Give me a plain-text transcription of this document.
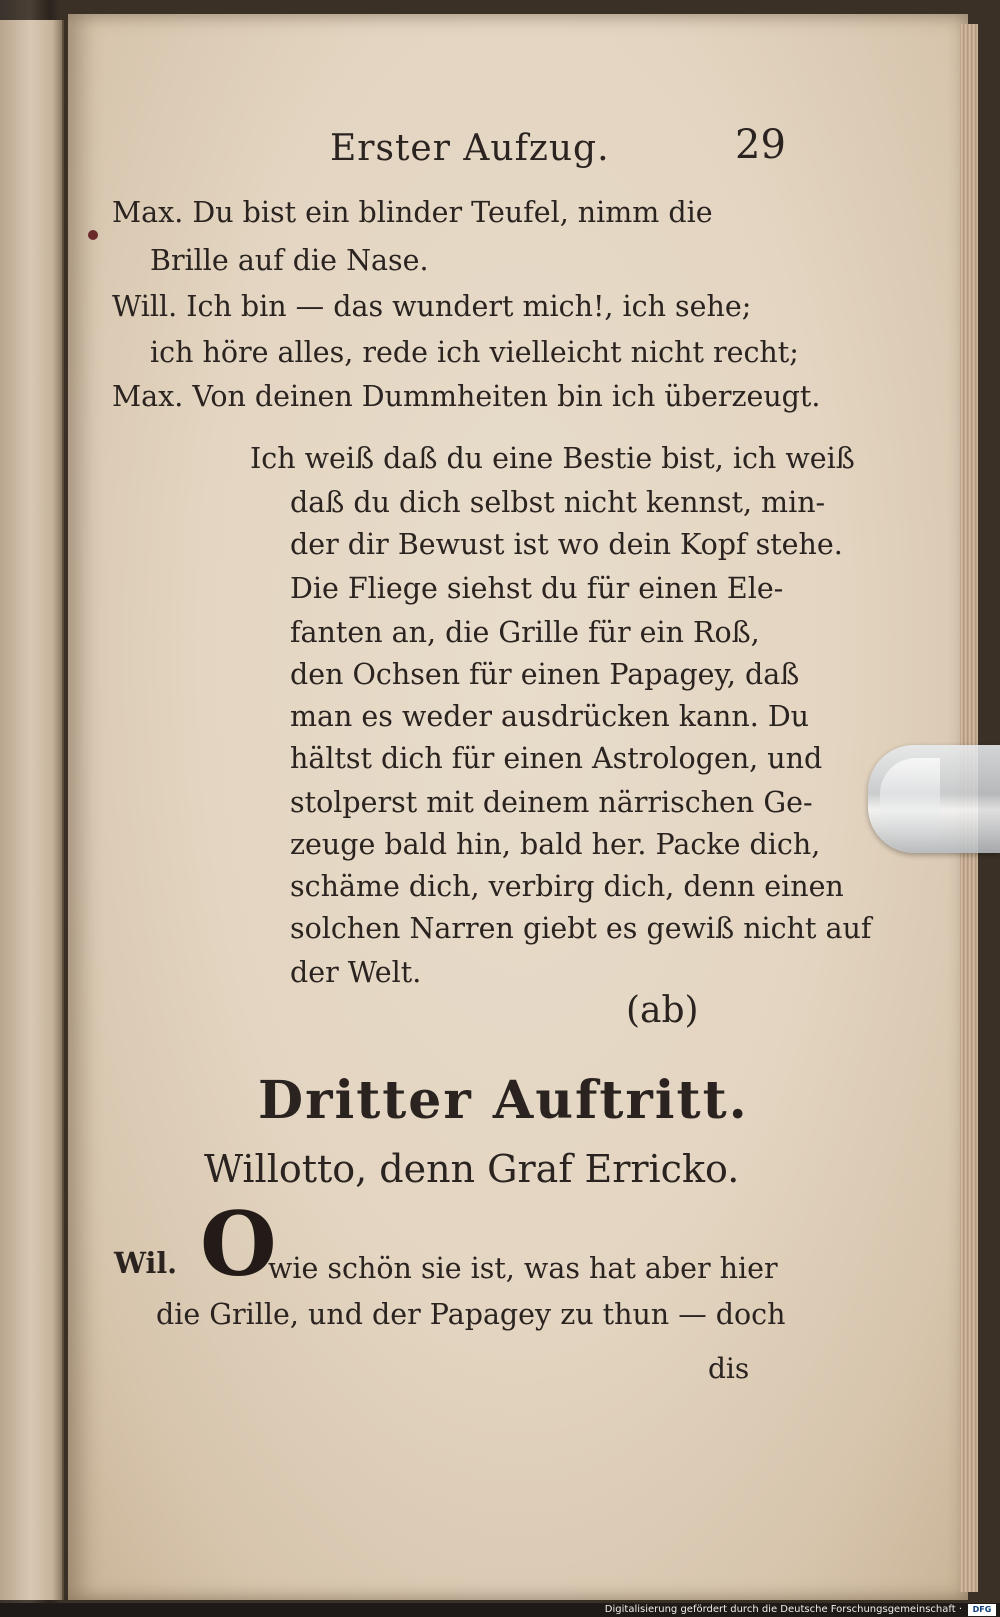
Erster Aufzug.	29
Max. Du bist ein blinder Teufel, nimm die
Brille auf die Nase.
Will. Ich bin — das wundert mich!, ich sehe;
ich höre alles, rede ich vielleicht nicht recht;
Max. Von deinen Dummheiten bin ich überzeugt.
Ich weiß daß du eine Bestie bist, ich weiß
daß du dich selbst nicht kennst, min-
der dir Bewust ist wo dein Kopf stehe.
Die Fliege siehst du für einen Ele-
fanten an, die Grille für ein Roß,
den Ochsen für einen Papagey, daß
man es weder ausdrücken kann. Du
hältst dich für einen Astrologen, und
stolperst mit deinem närrischen Ge-
zeuge bald hin, bald her. Packe dich,
schäme dich, verbirg dich, denn einen
solchen Narren giebt es gewiß nicht auf
der Welt.
(ab)
Dritter Auftritt.
Willotto, denn Graf Erricko.
Wil. O
wie schön sie ist, was hat aber hier
die Grille, und der Papagey zu thun — doch
dis
Digitalisierung gefördert durch die Deutsche Forschungsgemeinschaft ·	DFG
